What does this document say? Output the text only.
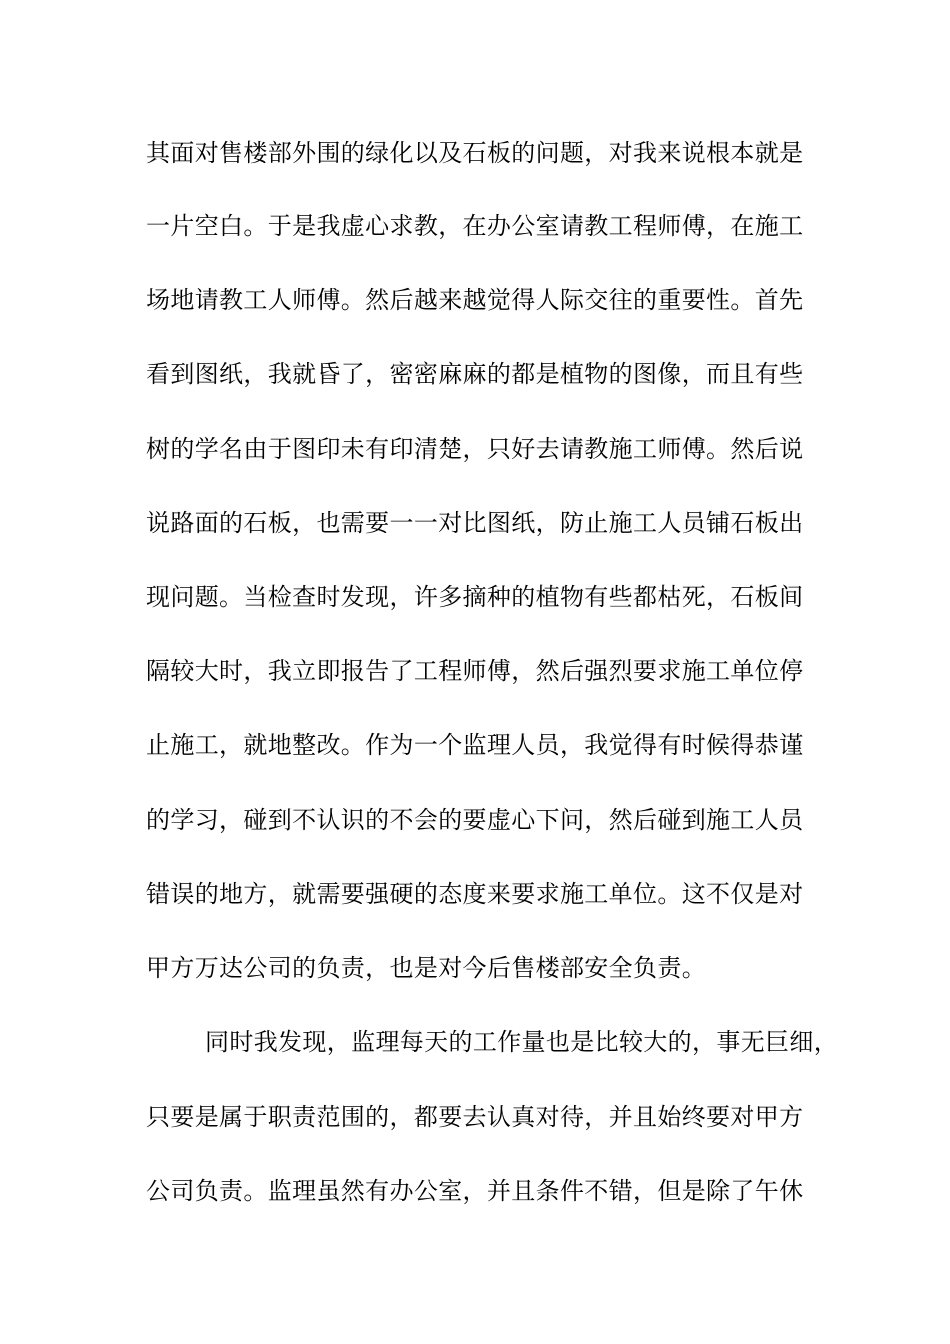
其面对售楼部外围的绿化以及石板的问题，对我来说根本就是
一片空白。于是我虚心求教，在办公室请教工程师傅，在施工
场地请教工人师傅。然后越来越觉得人际交往的重要性。首先
看到图纸，我就昏了，密密麻麻的都是植物的图像，而且有些
树的学名由于图印未有印清楚，只好去请教施工师傅。然后说
说路面的石板，也需要一一对比图纸，防止施工人员铺石板出
现问题。当检查时发现，许多摘种的植物有些都枯死，石板间
隔较大时，我立即报告了工程师傅，然后强烈要求施工单位停
止施工，就地整改。作为一个监理人员，我觉得有时候得恭谨
的学习，碰到不认识的不会的要虚心下问，然后碰到施工人员
错误的地方，就需要强硬的态度来要求施工单位。这不仅是对
甲方万达公司的负责，也是对今后售楼部安全负责。
同时我发现，监理每天的工作量也是比较大的，事无巨细，
只要是属于职责范围的，都要去认真对待，并且始终要对甲方
公司负责。监理虽然有办公室，并且条件不错，但是除了午休
